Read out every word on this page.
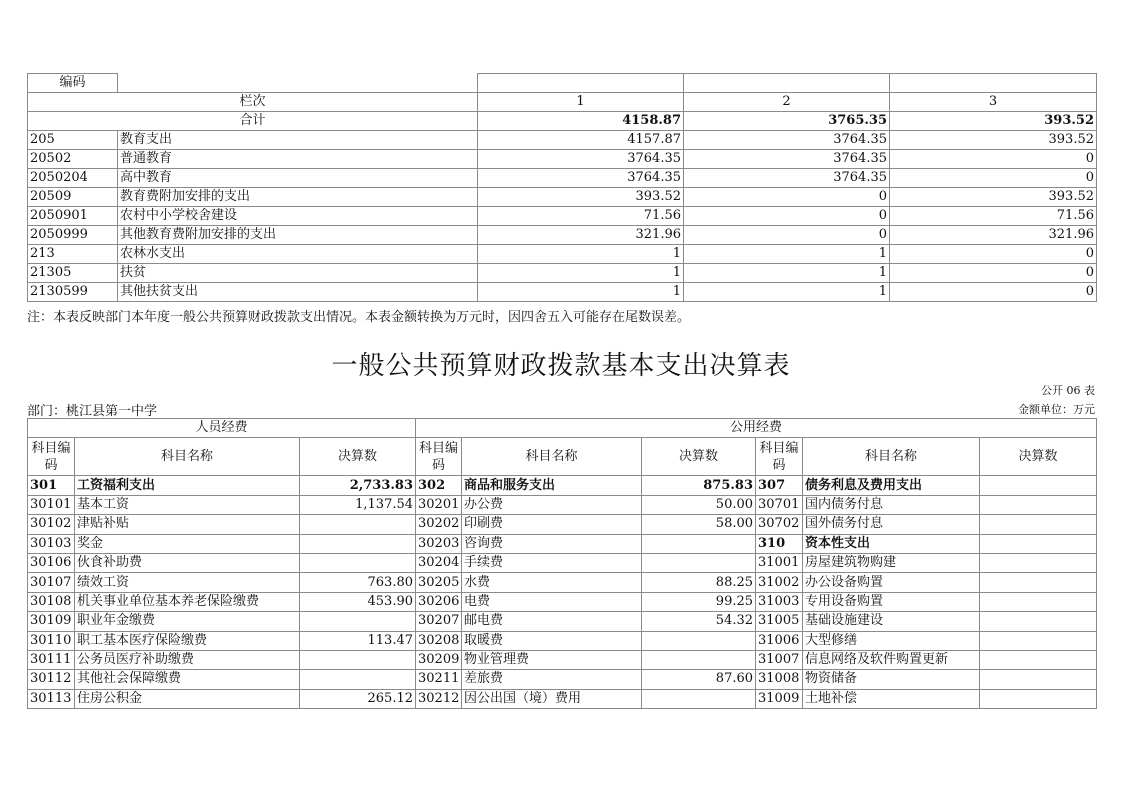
编码				
栏次		1	2	3
合计		4158.87	3765.35	393.52
205	教育支出	4157.87	3764.35	393.52
20502	普通教育	3764.35	3764.35	0
2050204	高中教育	3764.35	3764.35	0
20509	教育费附加安排的支出	393.52	0	393.52
2050901	农村中小学校舍建设	71.56	0	71.56
2050999	其他教育费附加安排的支出	321.96	0	321.96
213	农林水支出	1	1	0
21305	扶贫	1	1	0
2130599	其他扶贫支出	1	1	0
注：本表反映部门本年度一般公共预算财政拨款支出情况。本表金额转换为万元时，因四舍五入可能存在尾数误差。
一般公共预算财政拨款基本支出决算表
公开 06 表
部门：桃江县第一中学	金额单位：万元
人员经费			公用经费					
科目编码	科目名称	决算数	科目编码	科目名称	决算数	科目编码	科目名称	决算数
301	工资福利支出	2,733.83	302	商品和服务支出	875.83	307	债务利息及费用支出	
30101	基本工资	1,137.54	30201	办公费	50.00	30701	国内债务付息	
30102	津贴补贴		30202	印刷费	58.00	30702	国外债务付息	
30103	奖金		30203	咨询费		310	资本性支出	
30106	伙食补助费		30204	手续费		31001	房屋建筑物购建	
30107	绩效工资	763.80	30205	水费	88.25	31002	办公设备购置	
30108	机关事业单位基本养老保险缴费	453.90	30206	电费	99.25	31003	专用设备购置	
30109	职业年金缴费		30207	邮电费	54.32	31005	基础设施建设	
30110	职工基本医疗保险缴费	113.47	30208	取暖费		31006	大型修缮	
30111	公务员医疗补助缴费		30209	物业管理费		31007	信息网络及软件购置更新	
30112	其他社会保障缴费		30211	差旅费	87.60	31008	物资储备	
30113	住房公积金	265.12	30212	因公出国（境）费用		31009	土地补偿	
